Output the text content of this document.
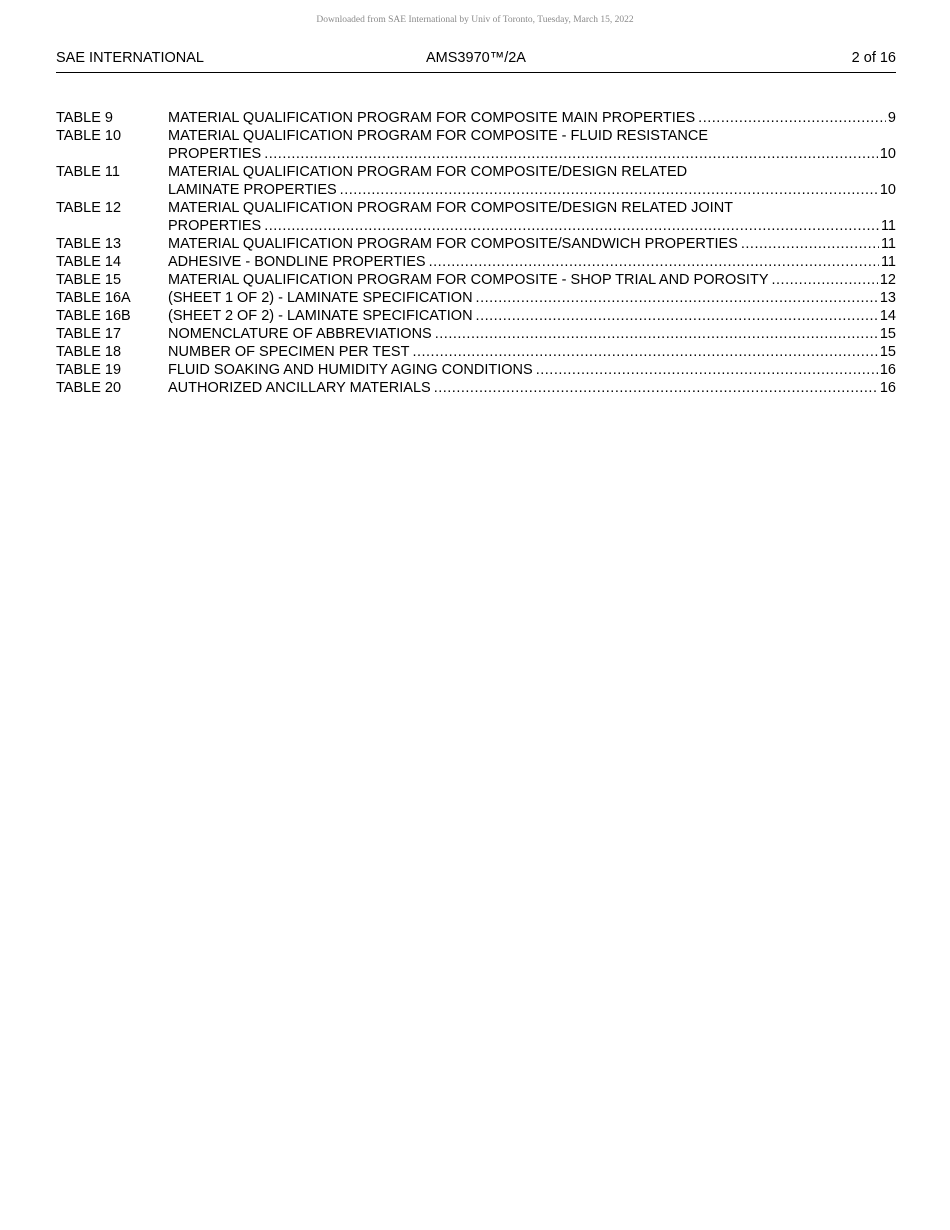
Downloaded from SAE International by Univ of Toronto, Tuesday, March 15, 2022
SAE INTERNATIONAL	AMS3970™/2A	2 of 16
TABLE 9	MATERIAL QUALIFICATION PROGRAM FOR COMPOSITE MAIN PROPERTIES .....	9
TABLE 10	MATERIAL QUALIFICATION PROGRAM FOR COMPOSITE - FLUID RESISTANCE
PROPERTIES .....	10
TABLE 11	MATERIAL QUALIFICATION PROGRAM FOR COMPOSITE/DESIGN RELATED
LAMINATE PROPERTIES .....	10
TABLE 12	MATERIAL QUALIFICATION PROGRAM FOR COMPOSITE/DESIGN RELATED JOINT
PROPERTIES .....	11
TABLE 13	MATERIAL QUALIFICATION PROGRAM FOR COMPOSITE/SANDWICH PROPERTIES .....	11
TABLE 14	ADHESIVE - BONDLINE PROPERTIES .....	11
TABLE 15	MATERIAL QUALIFICATION PROGRAM FOR COMPOSITE - SHOP TRIAL AND POROSITY .....	12
TABLE 16A	(SHEET 1 OF 2) - LAMINATE SPECIFICATION .....	13
TABLE 16B	(SHEET 2 OF 2) - LAMINATE SPECIFICATION .....	14
TABLE 17	NOMENCLATURE OF ABBREVIATIONS .....	15
TABLE 18	NUMBER OF SPECIMEN PER TEST .....	15
TABLE 19	FLUID SOAKING AND HUMIDITY AGING CONDITIONS .....	16
TABLE 20	AUTHORIZED ANCILLARY MATERIALS .....	16
